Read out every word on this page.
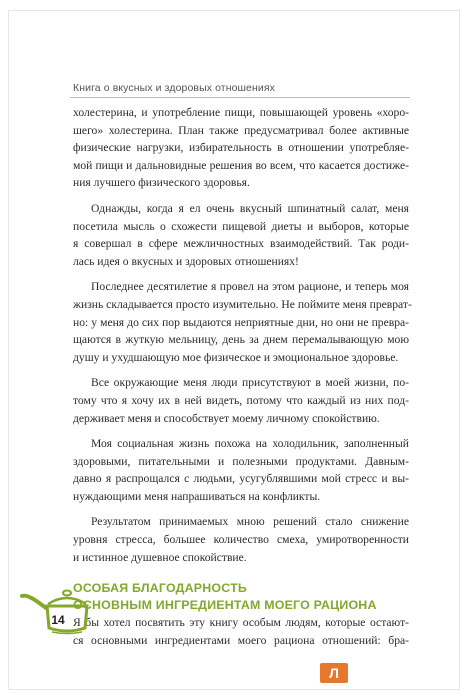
Книга о вкусных и здоровых отношениях
холестерина, и употребление пищи, повышающей уровень «хоро-
шего» холестерина. План также предусматривал более активные
физические нагрузки, избирательность в отношении употребляе-
мой пищи и дальновидные решения во всем, что касается достиже-
ния лучшего физического здоровья.
Однажды, когда я ел очень вкусный шпинатный салат, меня
посетила мысль о схожести пищевой диеты и выборов, которые
я совершал в сфере межличностных взаимодействий. Так роди-
лась идея о вкусных и здоровых отношениях!
Последнее десятилетие я провел на этом рационе, и теперь моя
жизнь складывается просто изумительно. Не поймите меня преврат-
но: у меня до сих пор выдаются неприятные дни, но они не превра-
щаются в жуткую мельницу, день за днем перемалывающую мою
душу и ухудшающую мое физическое и эмоциональное здоровье.
Все окружающие меня люди присутствуют в моей жизни, по-
тому что я хочу их в ней видеть, потому что каждый из них под-
держивает меня и способствует моему личному спокойствию.
Моя социальная жизнь похожа на холодильник, заполненный
здоровыми, питательными и полезными продуктами. Давным-
давно я распрощался с людьми, усугублявшими мой стресс и вы-
нуждающими меня напрашиваться на конфликты.
Результатом принимаемых мною решений стало снижение
уровня стресса, большее количество смеха, умиротворенности
и истинное душевное спокойствие.
ОСОБАЯ БЛАГОДАРНОСТЬ
ОСНОВНЫМ ИНГРЕДИЕНТАМ МОЕГО РАЦИОНА
Я бы хотел посвятить эту книгу особым людям, которые остают-
ся основными ингредиентами моего рациона отношений: бра-
14
Л
